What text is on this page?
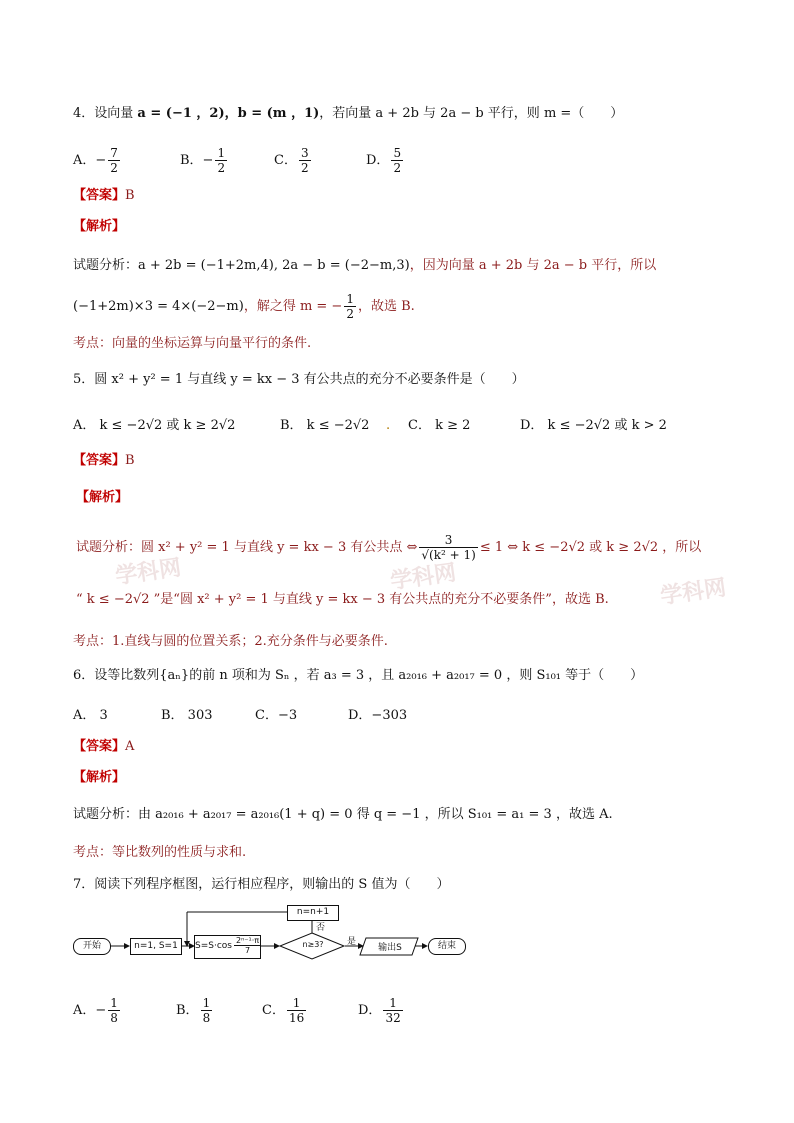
学科网	学科网	学科网
4．设向量 a = (−1 ，2)，b = (m ，1)，若向量 a + 2b 与 2a − b 平行，则 m =（　　）
A．− $\frac{7}{2}$	B．− $\frac{1}{2}$	C． $\frac{3}{2}$	D． $\frac{5}{2}$
【答案】B
【解析】
试题分析：a + 2b = (−1+2m,4), 2a − b = (−2−m,3)，因为向量 a + 2b 与 2a − b 平行，所以
(−1+2m)×3 = 4×(−2−m)，解之得 m = − $\frac{1}{2}$ ，故选 B.
考点：向量的坐标运算与向量平行的条件.
5．圆 x² + y² = 1 与直线 y = kx − 3 有公共点的充分不必要条件是（　　）
A． k ≤ −2√2 或 k ≥ 2√2	B． k ≤ −2√2 . C． k ≥ 2	D． k ≤ −2√2 或 k > 2
【答案】B
【解析】
试题分析：圆 x² + y² = 1 与直线 y = kx − 3 有公共点 ⇔ $\frac{3}{\text{√(k² + 1)}} \le 1$ ⇔ k ≤ −2√2 或 k ≥ 2√2 ，所以
“ k ≤ −2√2 ”是“圆 x² + y² = 1 与直线 y = kx − 3 有公共点的充分不必要条件”，故选 B.
考点：1.直线与圆的位置关系；2.充分条件与必要条件.
6．设等比数列{aₙ}的前 n 项和为 Sₙ ，若 a₃ = 3 ，且 a₂₀₁₆ + a₂₀₁₇ = 0 ，则 S₁₀₁ 等于（　　）
A． 3	B． 303	C．−3	D．−303
【答案】A
【解析】
试题分析：由 a₂₀₁₆ + a₂₀₁₇ = a₂₀₁₆(1 + q) = 0 得 q = −1 ，所以 S₁₀₁ = a₁ = 3 ，故选 A.
考点：等比数列的性质与求和.
7．阅读下列程序框图，运行相应程序，则输出的 S 值为（　　）
开始	n=1, S=1	$S=S\cdot\cos \frac{\text{2ⁿ⁻¹·π}}{7}$
n=n+1
n≥3?
否
是
输出S	结束
A．− $\frac{1}{8}$	B． $\frac{1}{8}$	C． $\frac{1}{16}$	D． $\frac{1}{32}$
